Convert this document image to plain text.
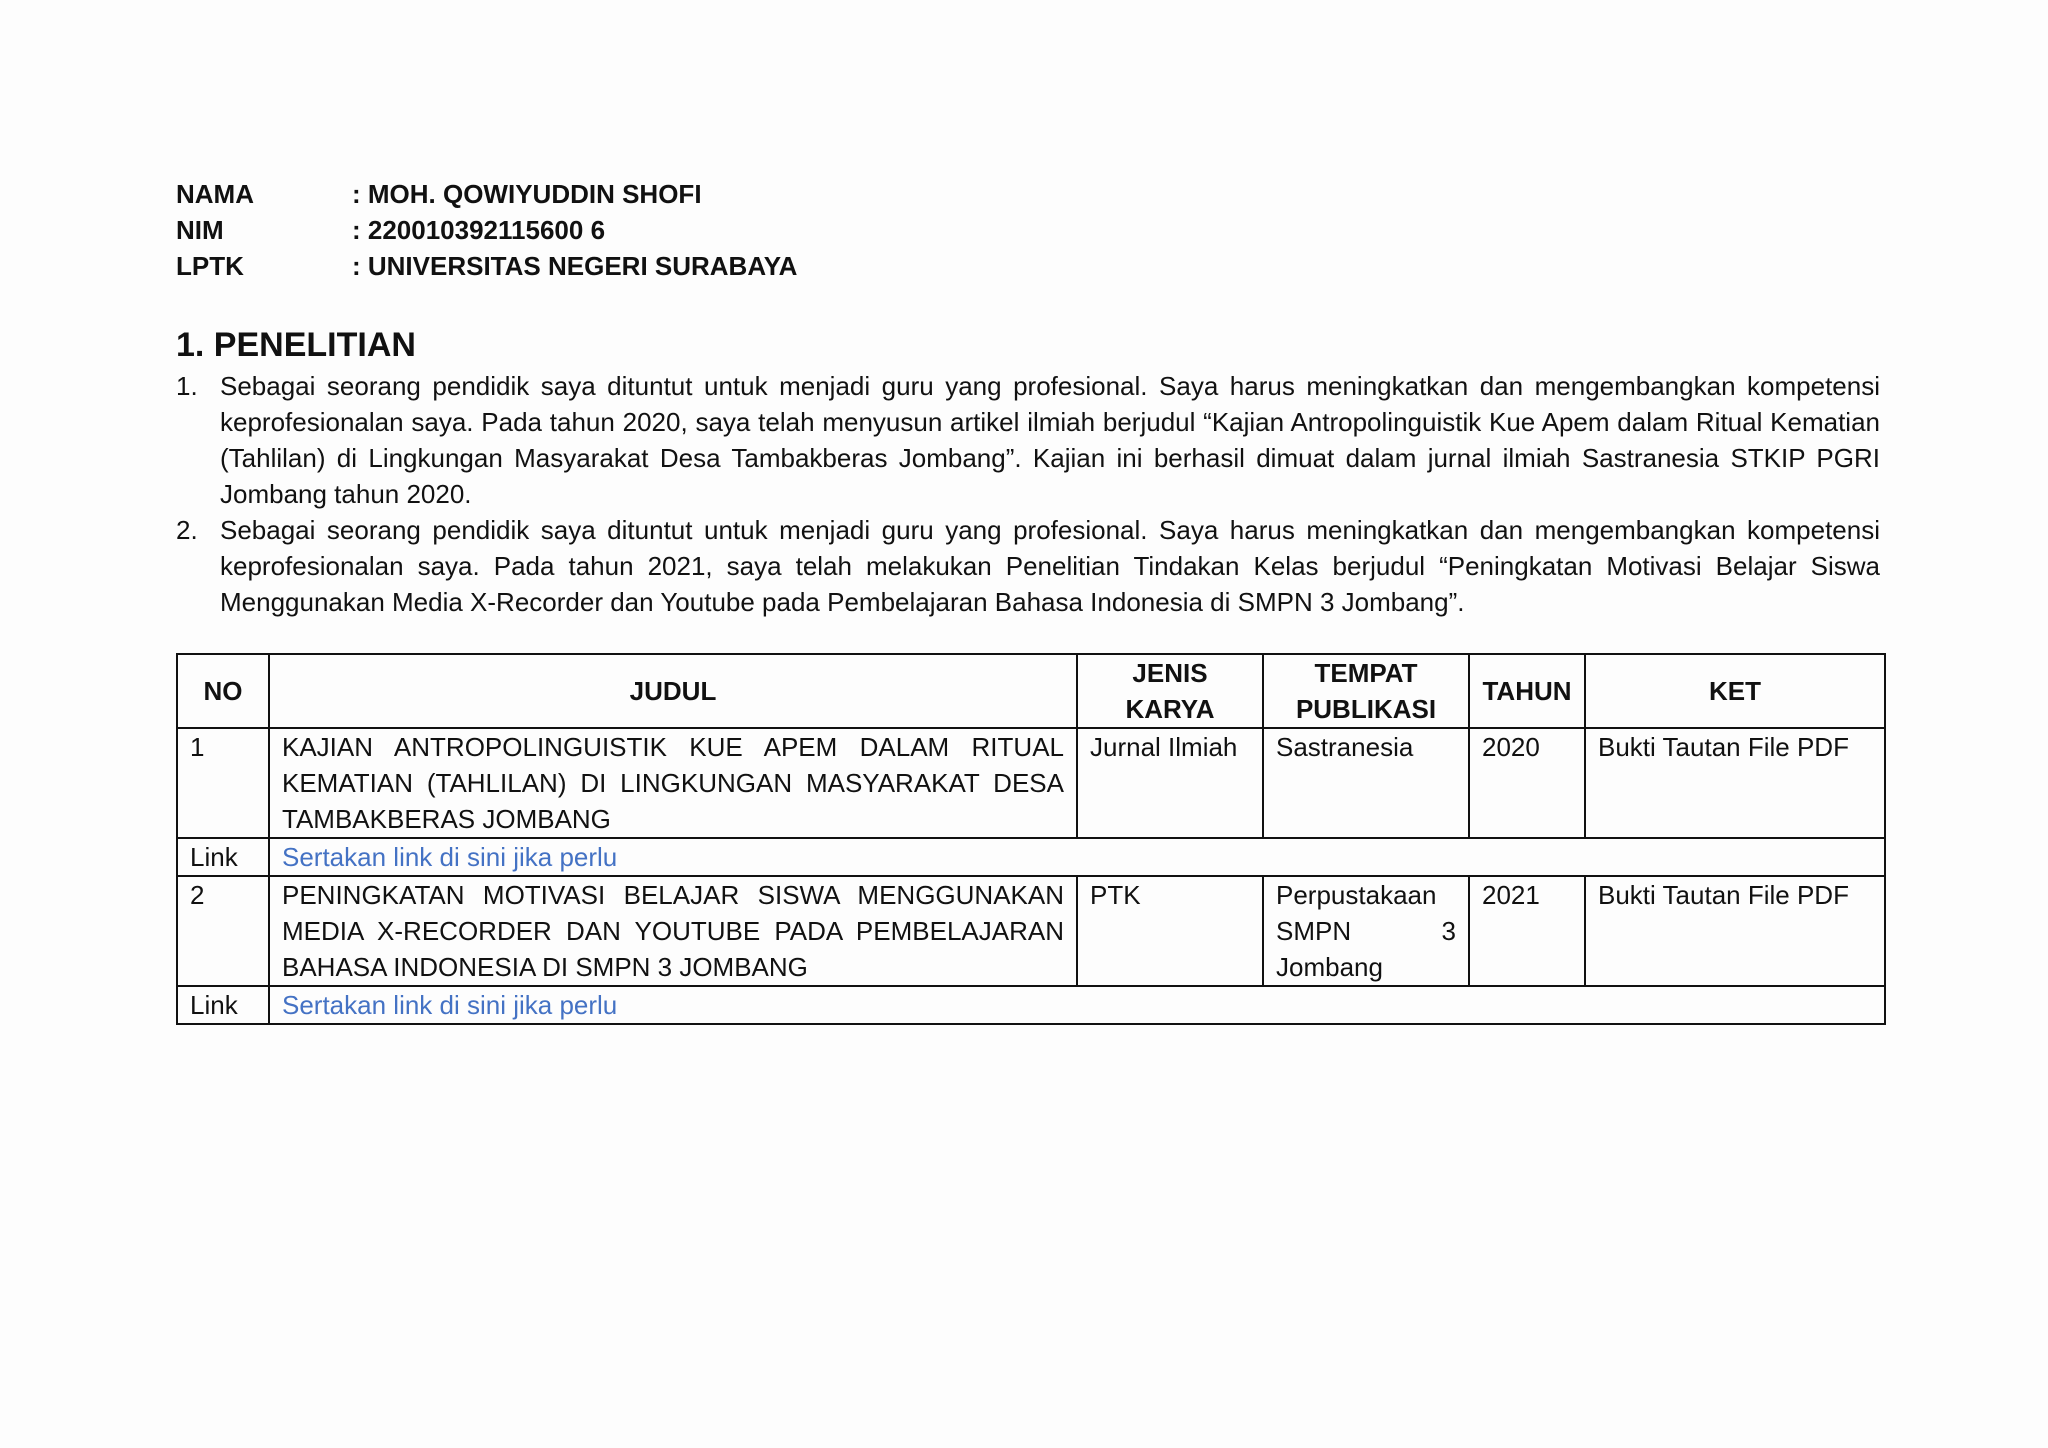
NAMA	: MOH. QOWIYUDDIN SHOFI
NIM	: 220010392115600 6
LPTK	: UNIVERSITAS NEGERI SURABAYA
1. PENELITIAN
1. Sebagai seorang pendidik saya dituntut untuk menjadi guru yang profesional. Saya harus meningkatkan dan mengembangkan kompetensi keprofesionalan saya. Pada tahun 2020, saya telah menyusun artikel ilmiah berjudul “Kajian Antropolinguistik Kue Apem dalam Ritual Kematian (Tahlilan) di Lingkungan Masyarakat Desa Tambakberas Jombang”. Kajian ini berhasil dimuat dalam jurnal ilmiah Sastranesia STKIP PGRI Jombang tahun 2020.
2. Sebagai seorang pendidik saya dituntut untuk menjadi guru yang profesional. Saya harus meningkatkan dan mengembangkan kompetensi keprofesionalan saya. Pada tahun 2021, saya telah melakukan Penelitian Tindakan Kelas berjudul “Peningkatan Motivasi Belajar Siswa Menggunakan Media X-Recorder dan Youtube pada Pembelajaran Bahasa Indonesia di SMPN 3 Jombang”.
NO	JUDUL	JENIS KARYA	TEMPAT PUBLIKASI	TAHUN	KET
1	KAJIAN ANTROPOLINGUISTIK KUE APEM DALAM RITUAL KEMATIAN (TAHLILAN) DI LINGKUNGAN MASYARAKAT DESA TAMBAKBERAS JOMBANG	Jurnal Ilmiah	Sastranesia	2020	Bukti Tautan File PDF
Link	Sertakan link di sini jika perlu				
2	PENINGKATAN MOTIVASI BELAJAR SISWA MENGGUNAKAN MEDIA X-RECORDER DAN YOUTUBE PADA PEMBELAJARAN BAHASA INDONESIA DI SMPN 3 JOMBANG	PTK	Perpustakaan SMPN 3 Jombang	2021	Bukti Tautan File PDF
Link	Sertakan link di sini jika perlu				
